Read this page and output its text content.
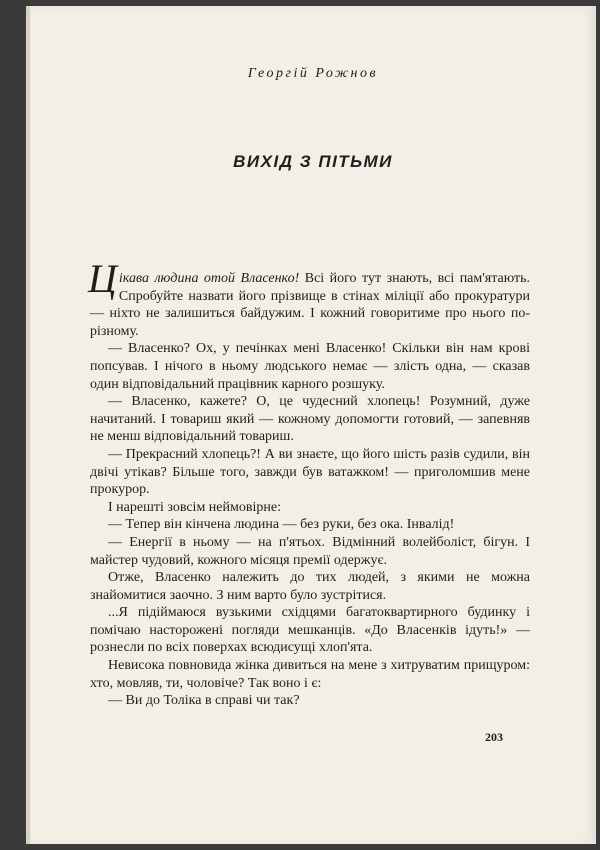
Георгій Рожнов
ВИХІД З ПІТЬМИ

Цікава людина отой Власенко! Всі його тут знають, всі пам'ятають. Спробуйте назвати його прізвище в стінах міліції або прокуратури — ніхто не залишиться байдужим. І кожний говоритиме про нього по-різному.

— Власенко? Ох, у печінках мені Власенко! Скільки він нам крові попсував. І нічого в ньому людського немає — злість одна, — сказав один відповідальний працівник карного розшуку.

— Власенко, кажете? О, це чудесний хлопець! Розумний, дуже начитаний. І товариш який — кожному допомогти готовий, — запевняв не менш відповідальний товариш.

— Прекрасний хлопець?! А ви знаєте, що його шість разів судили, він двічі утікав? Більше того, завжди був ватажком! — приголомшив мене прокурор.

І нарешті зовсім неймовірне:

— Тепер він кінчена людина — без руки, без ока. Інвалід!

— Енергії в ньому — на п'ятьох. Відмінний волейболіст, бігун. І майстер чудовий, кожного місяця премії одержує.

Отже, Власенко належить до тих людей, з якими не можна знайомитися заочно. З ним варто було зустрітися.

...Я підіймаюся вузькими східцями багатоквартирного будинку і помічаю насторожені погляди мешканців. «До Власенків ідуть!» — рознесли по всіх поверхах всюдисущі хлоп'ята.

Невисока повновида жінка дивиться на мене з хитруватим прищуром: хто, мовляв, ти, чоловіче? Так воно і є:

— Ви до Толіка в справі чи так?

203
